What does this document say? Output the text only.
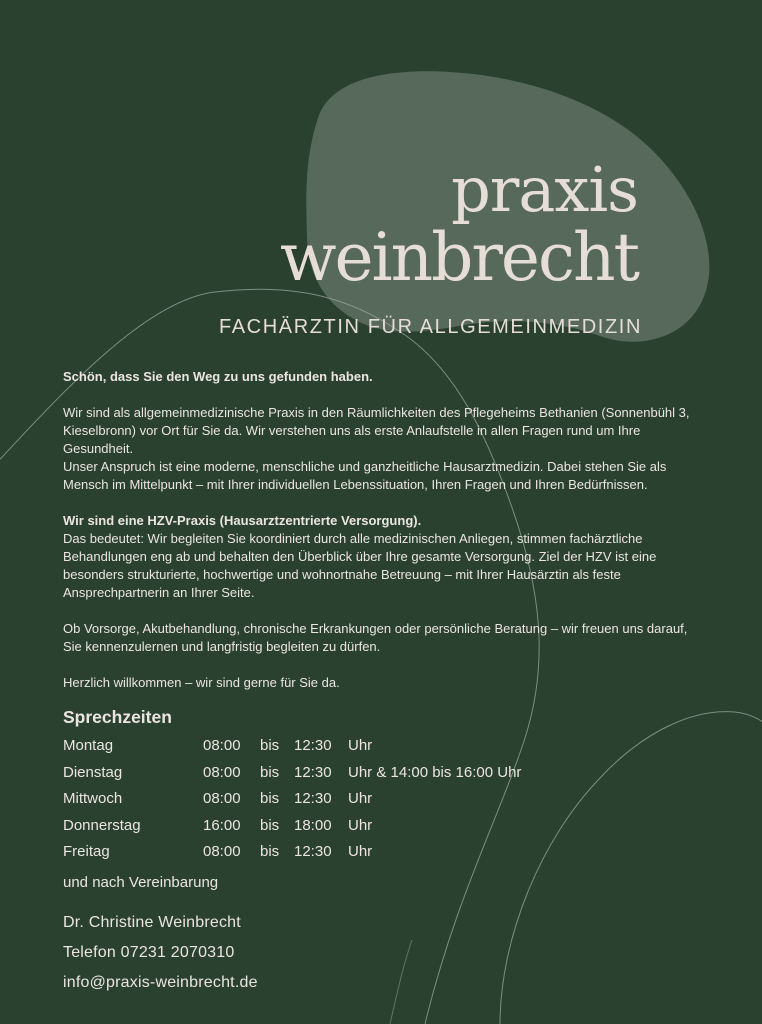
praxis
weinbrecht
FACHÄRZTIN FÜR ALLGEMEINMEDIZIN

Schön, dass Sie den Weg zu uns gefunden haben.

Wir sind als allgemeinmedizinische Praxis in den Räumlichkeiten des Pflegeheims Bethanien (Sonnenbühl 3, Kieselbronn) vor Ort für Sie da. Wir verstehen uns als erste Anlaufstelle in allen Fragen rund um Ihre Gesundheit.
Unser Anspruch ist eine moderne, menschliche und ganzheitliche Hausarztmedizin. Dabei stehen Sie als Mensch im Mittelpunkt – mit Ihrer individuellen Lebenssituation, Ihren Fragen und Ihren Bedürfnissen.

Wir sind eine HZV-Praxis (Hausarztzentrierte Versorgung).
Das bedeutet: Wir begleiten Sie koordiniert durch alle medizinischen Anliegen, stimmen fachärztliche Behandlungen eng ab und behalten den Überblick über Ihre gesamte Versorgung. Ziel der HZV ist eine besonders strukturierte, hochwertige und wohnortnahe Betreuung – mit Ihrer Hausärztin als feste Ansprechpartnerin an Ihrer Seite.

Ob Vorsorge, Akutbehandlung, chronische Erkrankungen oder persönliche Beratung – wir freuen uns darauf, Sie kennenzulernen und langfristig begleiten zu dürfen.

Herzlich willkommen – wir sind gerne für Sie da.

Sprechzeiten
Montag	08:00 bis 12:30 Uhr
Dienstag	08:00 bis 12:30 Uhr & 14:00 bis 16:00 Uhr
Mittwoch	08:00 bis 12:30 Uhr
Donnerstag	16:00 bis 18:00 Uhr
Freitag	08:00 bis 12:30 Uhr
und nach Vereinbarung
Dr. Christine Weinbrecht
Telefon 07231 2070310
info@praxis-weinbrecht.de
